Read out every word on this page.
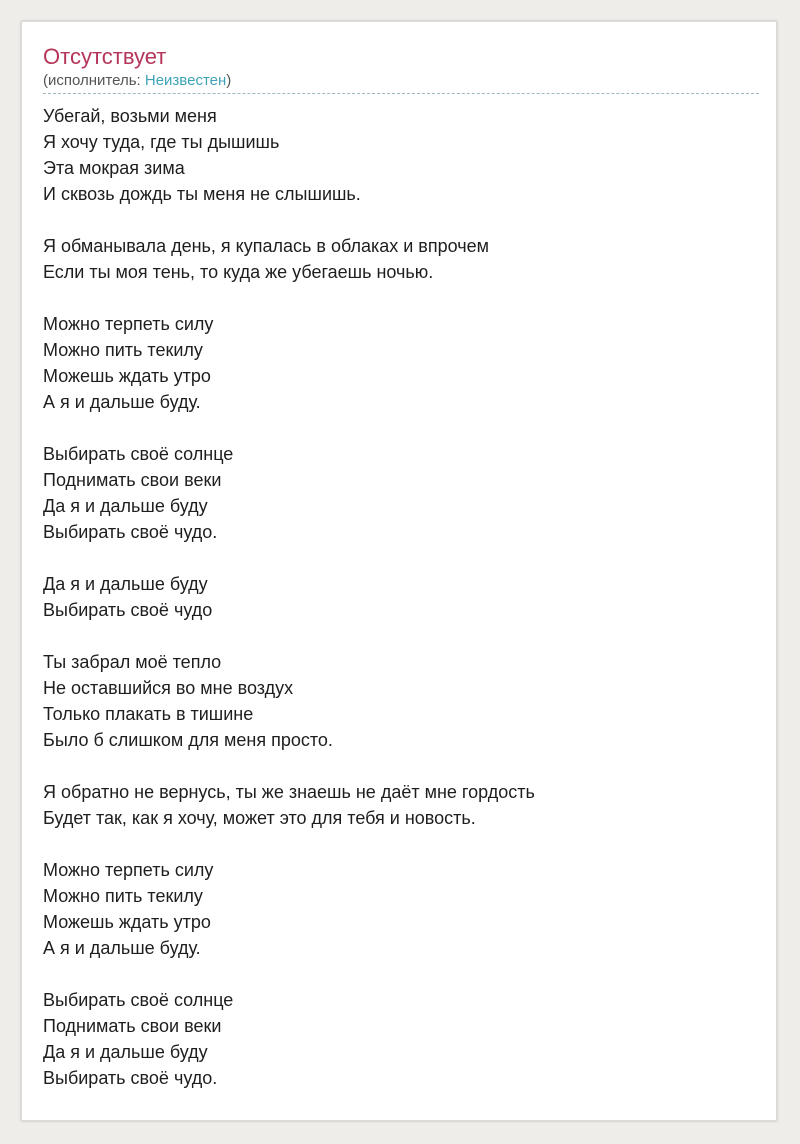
Отсутствует
(исполнитель: Неизвестен)
Убегай, возьми меня
Я хочу туда, где ты дышишь
Эта мокрая зима
И сквозь дождь ты меня не слышишь.
Я обманывала день, я купалась в облаках и впрочем
Если ты моя тень, то куда же убегаешь ночью.
Можно терпеть силу
Можно пить текилу
Можешь ждать утро
А я и дальше буду.
Выбирать своё солнце
Поднимать свои веки
Да я и дальше буду
Выбирать своё чудо.
Да я и дальше буду
Выбирать своё чудо
Ты забрал моё тепло
Не оставшийся во мне воздух
Только плакать в тишине
Было б слишком для меня просто.
Я обратно не вернусь, ты же знаешь не даёт мне гордость
Будет так, как я хочу, может это для тебя и новость.
Можно терпеть силу
Можно пить текилу
Можешь ждать утро
А я и дальше буду.
Выбирать своё солнце
Поднимать свои веки
Да я и дальше буду
Выбирать своё чудо.
